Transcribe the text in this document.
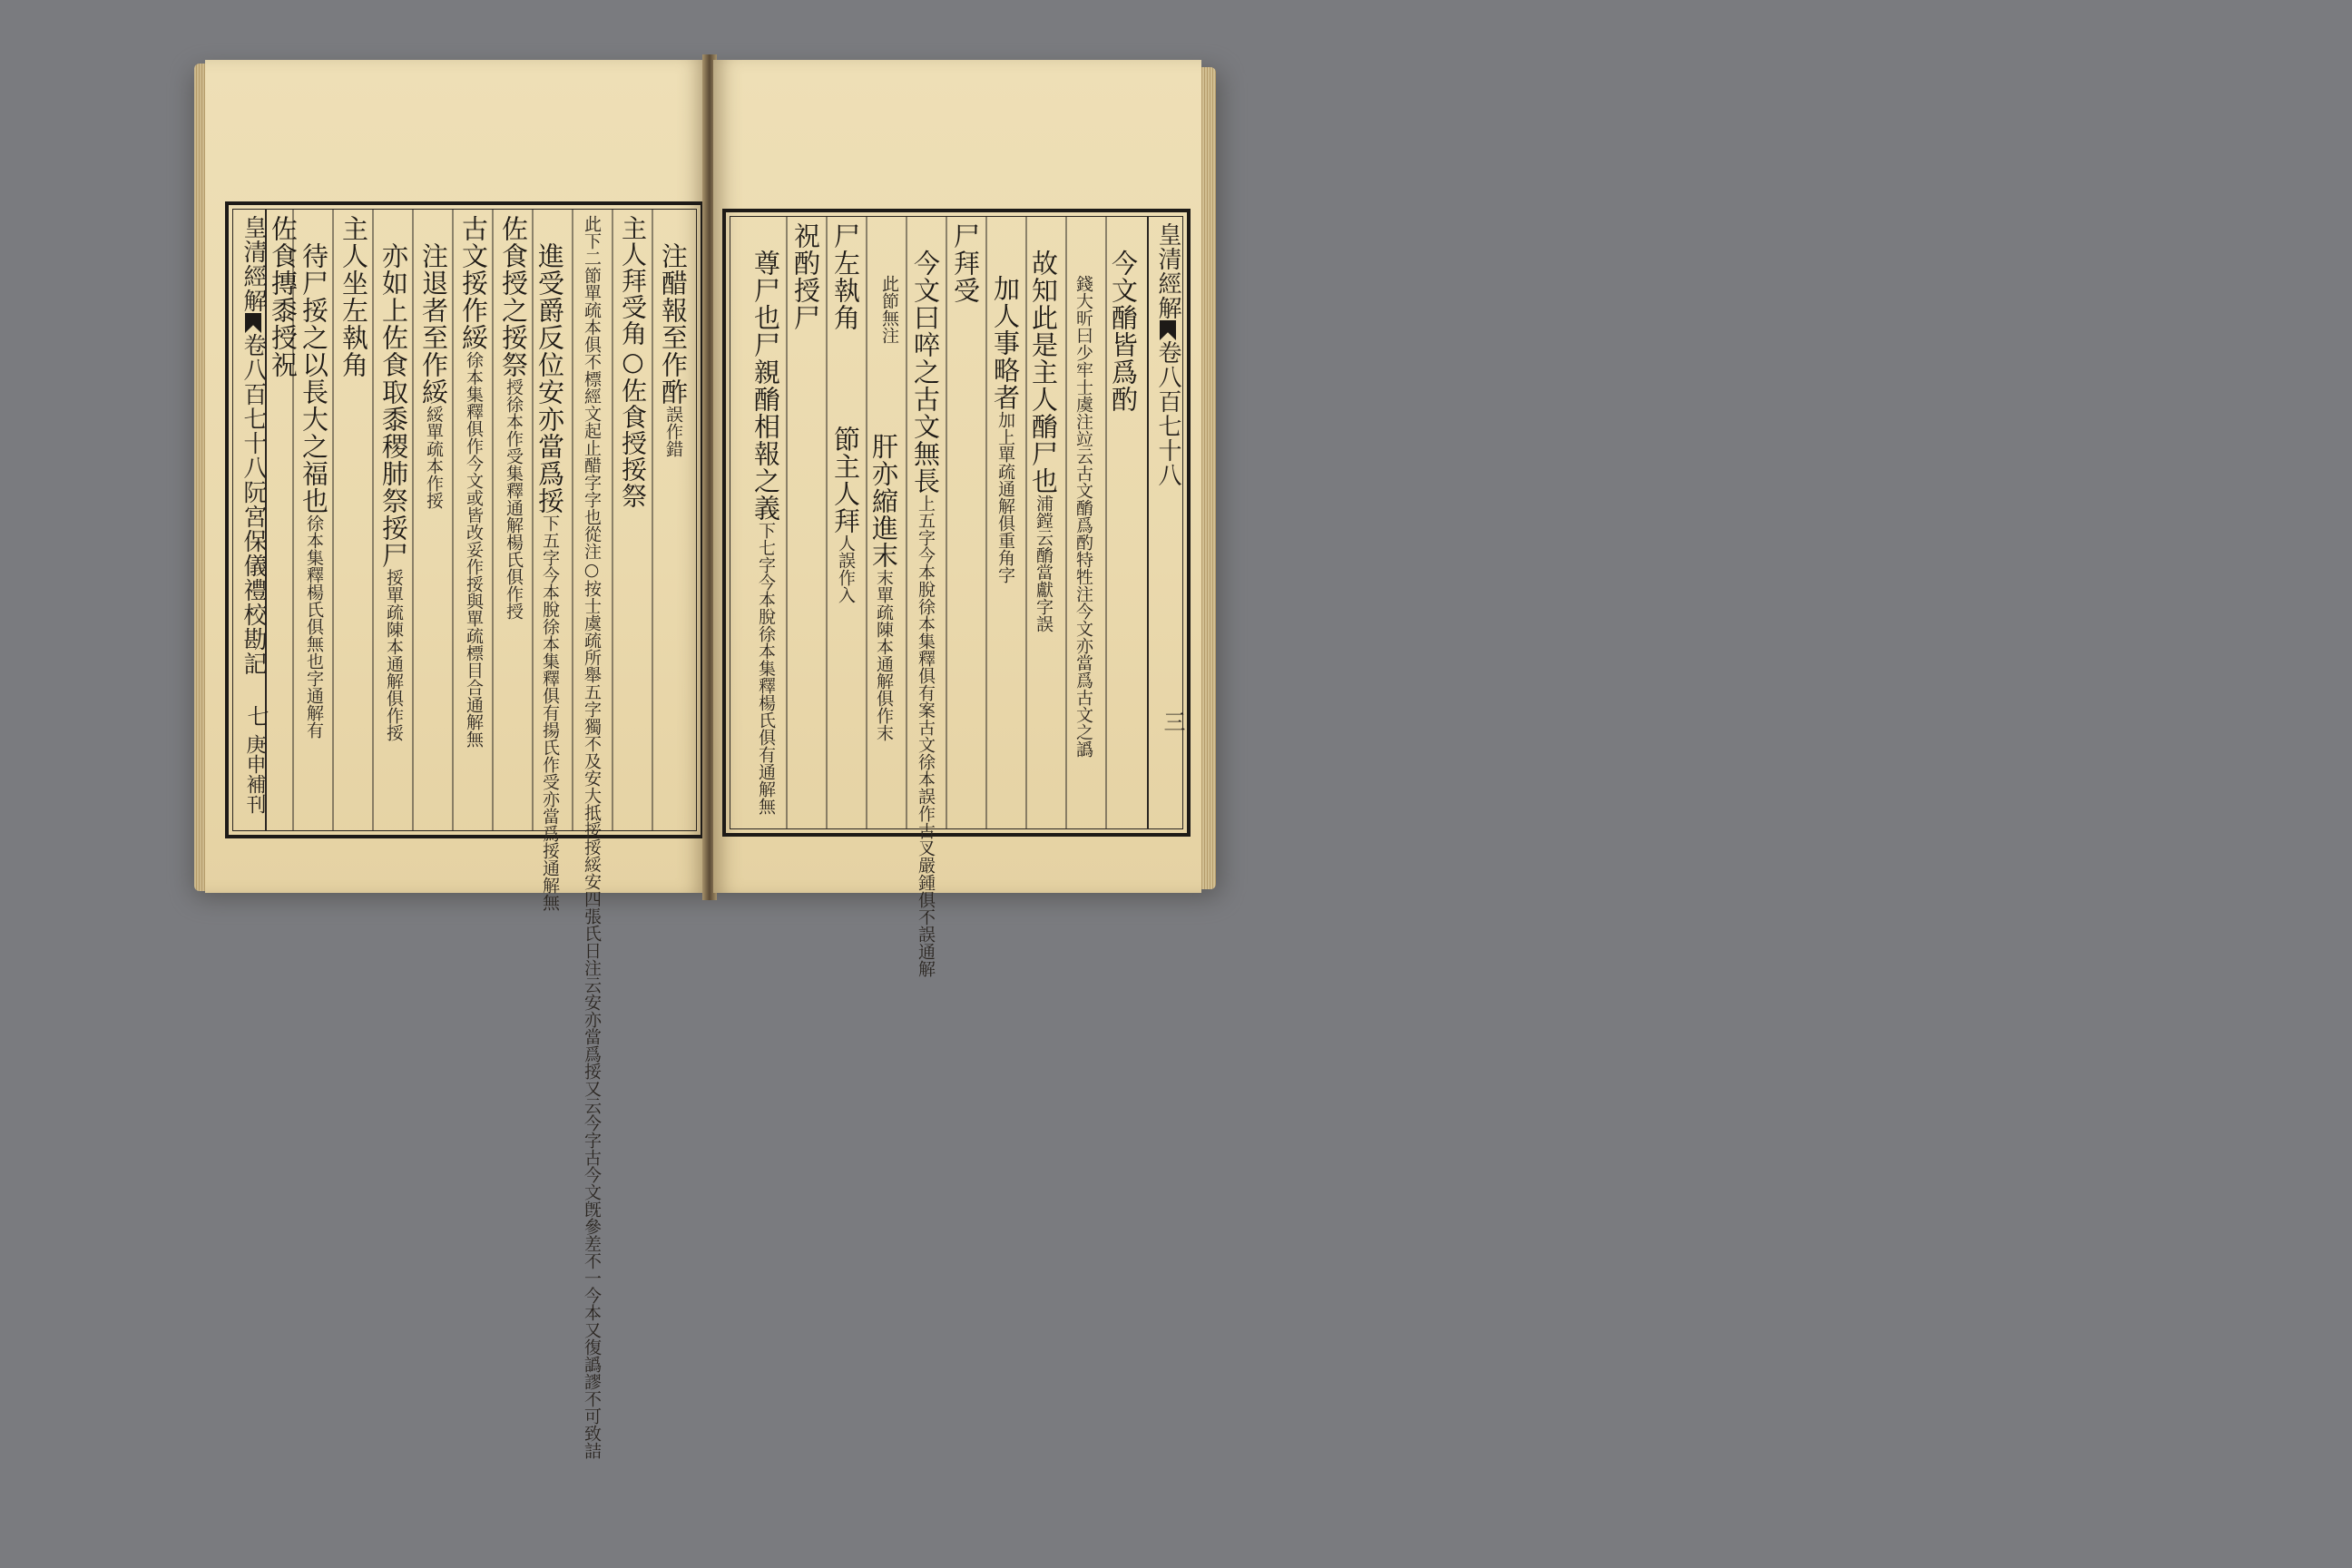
皇清經解卷八百七十八阮宮保儀禮校勘記
七
庚申補刊
注醋報至作酢誤作錯
主人拜受角○佐食授挼祭
此下二節單疏本俱不標經文起止醋字字也從注○按士虞疏所舉五字獨不及安大抵挼挼綏安四張氏日注云安亦當爲挼又云今字古今文旣參差不一今本又復譌謬不可致詰
進受爵反位安亦當爲挼下五字今本脫徐本集釋俱有揚氏作受亦當爲挼通解無
佐食授之挼祭授徐本作受集釋通解楊氏俱作授
古文挼作綏徐本集釋俱作今文或皆改妥作挼與單疏標目合通解無
注退者至作綏綏單疏本作挼
亦如上佐食取黍稷肺祭挼尸挼單疏陳本通解俱作挼
主人坐左執角
待尸挼之以長大之福也徐本集釋楊氏俱無也字通解有
佐食摶黍授祝	皇清經解卷八百七十八
三
今文酳皆爲酌
錢大昕曰少牢士虞注竝云古文酳爲酌特牲注今文亦當爲古文之譌
故知此是主人酳尸也浦鏜云酳當獻字誤
加人事略者加上單疏通解俱重角字
尸拜受
今文曰啐之古文無長上五字今本脫徐本集釋俱有案古文徐本誤作古叉嚴鍾俱不誤通解
此節無注
肝亦縮進末末單疏陳本通解俱作末
尸左執角
節主人拜人誤作入
祝酌授尸
尊尸也尸親酳相報之義下七字今本脫徐本集釋楊氏俱有通解無
